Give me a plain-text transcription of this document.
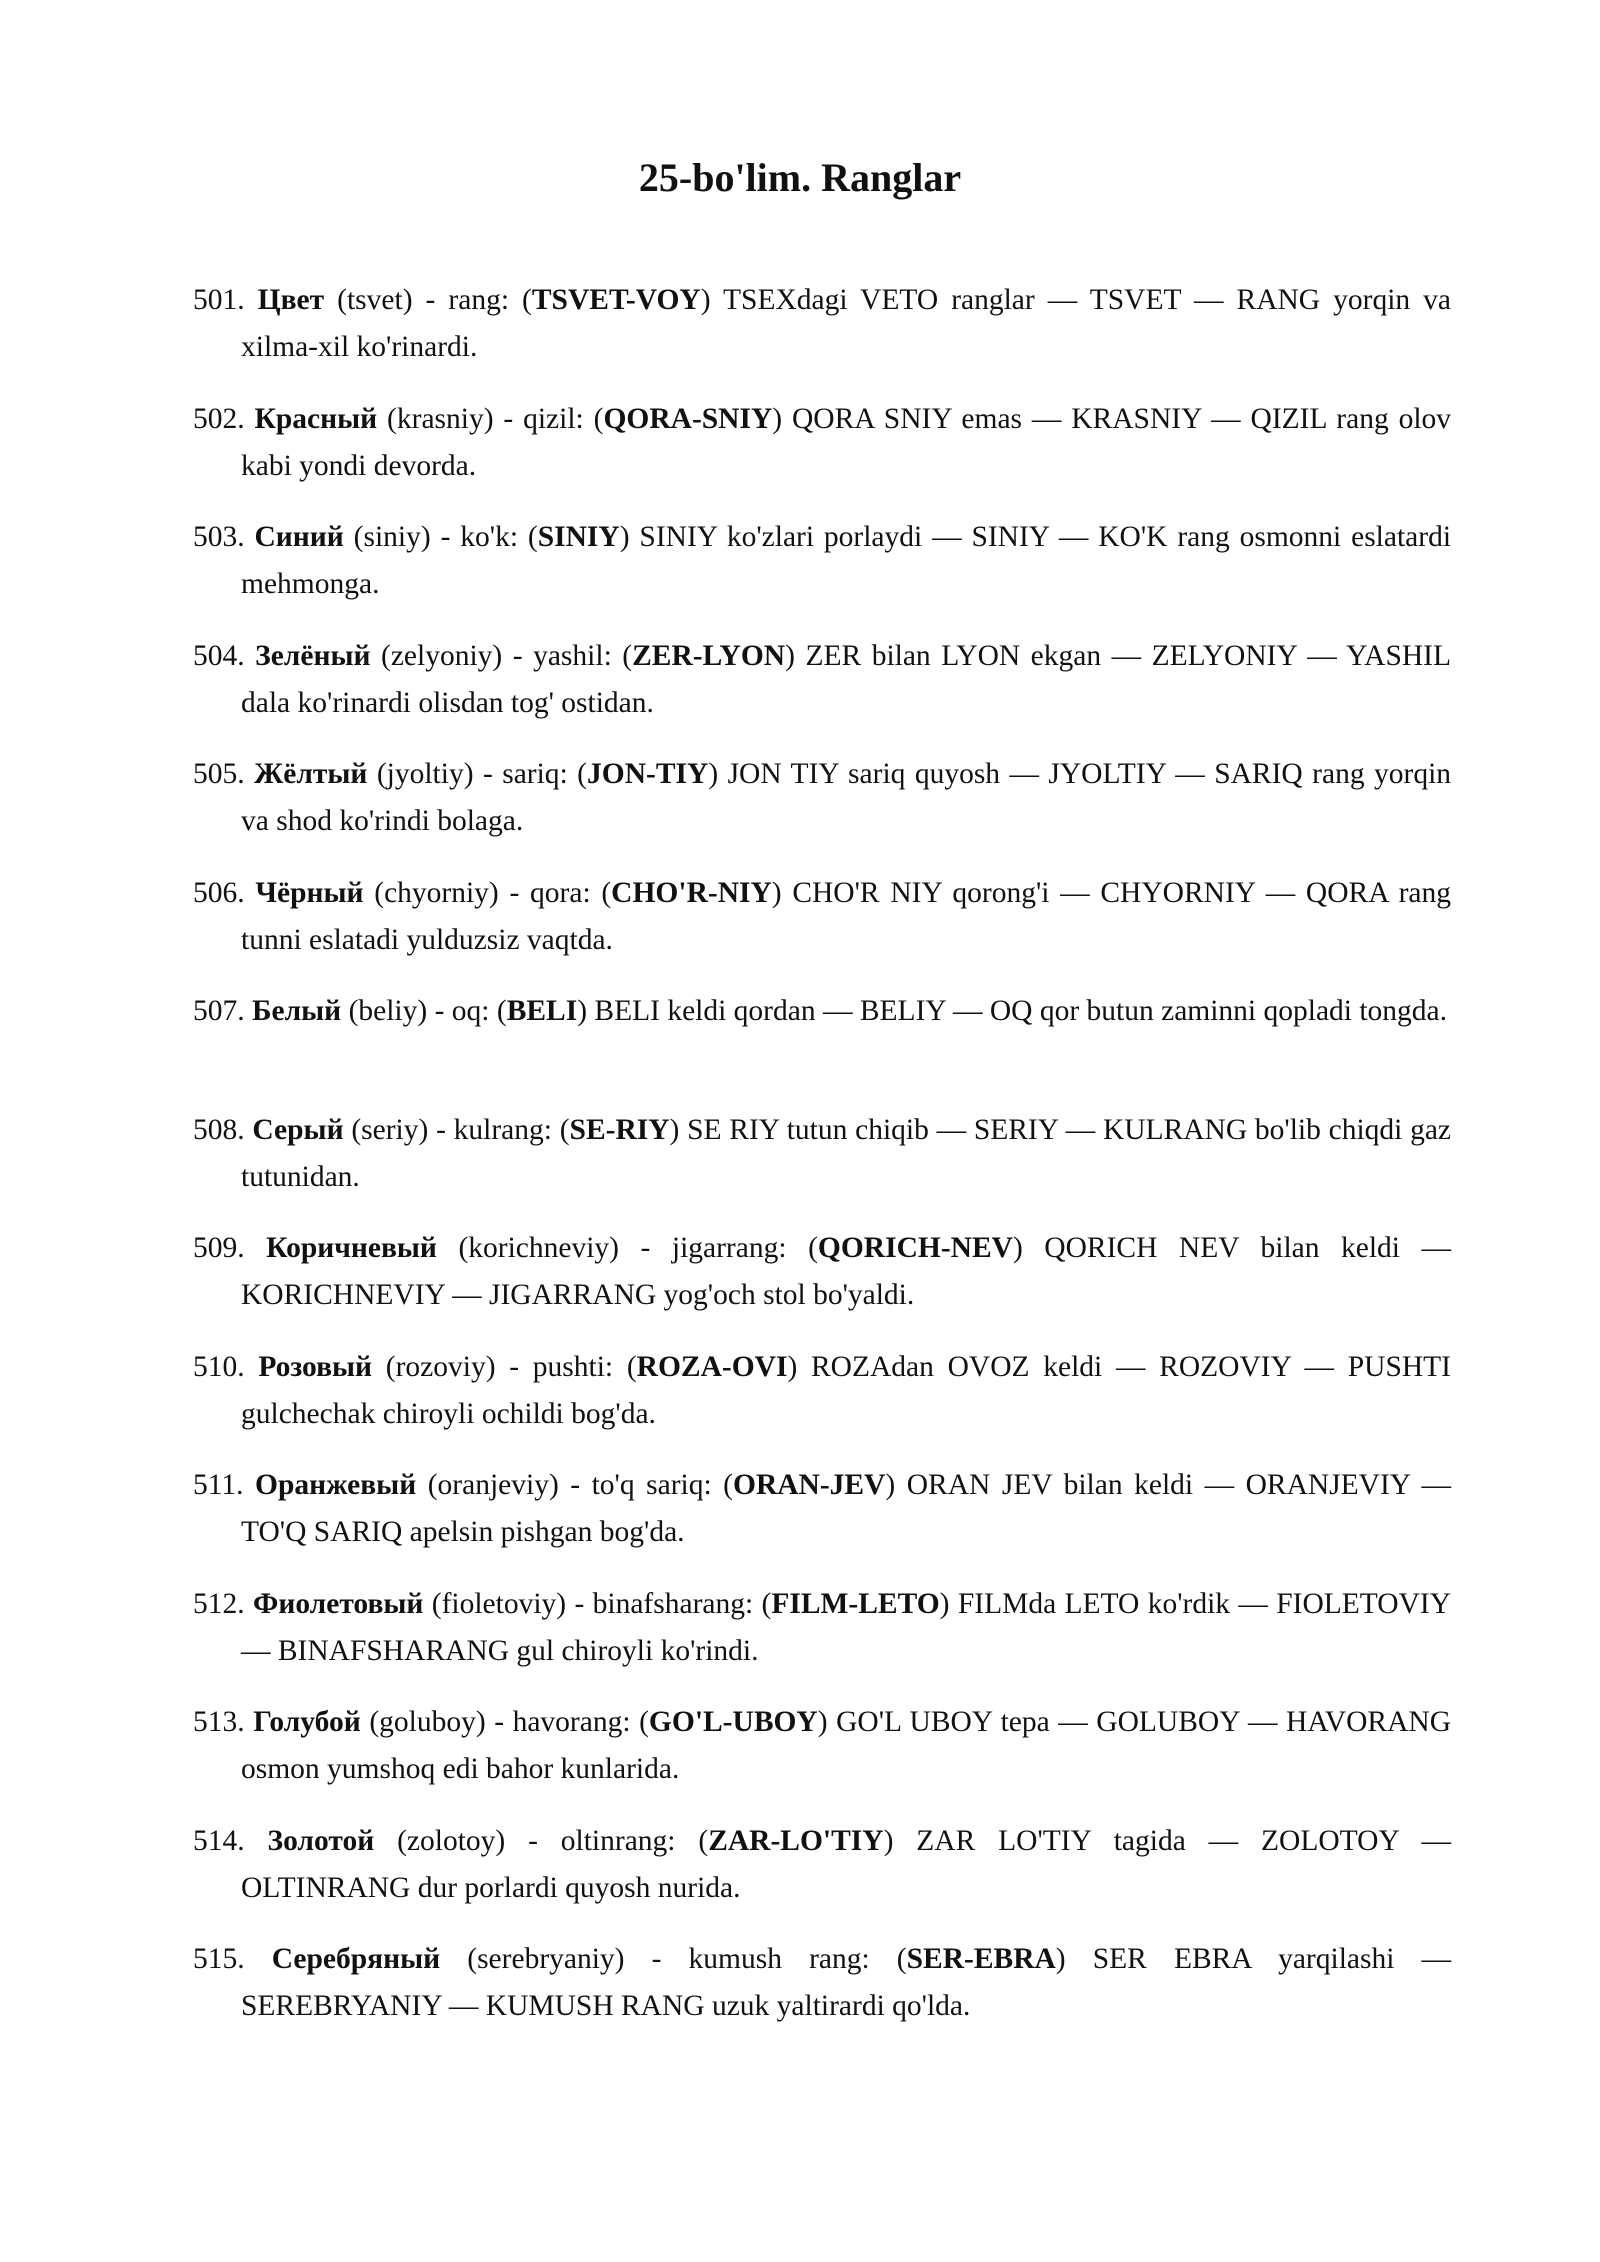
25-bo'lim. Ranglar
501. Цвет (tsvet) - rang: (TSVET-VOY) TSEXdagi VETO ranglar — TSVET — RANG yorqin va xilma-xil ko'rinardi.
502. Красный (krasniy) - qizil: (QORA-SNIY) QORA SNIY emas — KRASNIY — QIZIL rang olov kabi yondi devorda.
503. Синий (siniy) - ko'k: (SINIY) SINIY ko'zlari porlaydi — SINIY — KO'K rang osmonni eslatardi mehmonga.
504. Зелёный (zelyoniy) - yashil: (ZER-LYON) ZER bilan LYON ekgan — ZELYONIY — YASHIL dala ko'rinardi olisdan tog' ostidan.
505. Жёлтый (jyoltiy) - sariq: (JON-TIY) JON TIY sariq quyosh — JYOLTIY — SARIQ rang yorqin va shod ko'rindi bolaga.
506. Чёрный (chyorniy) - qora: (CHO'R-NIY) CHO'R NIY qorong'i — CHYORNIY — QORA rang tunni eslatadi yulduzsiz vaqtda.
507. Белый (beliy) - oq: (BELI) BELI keldi qordan — BELIY — OQ qor butun zaminni qopladi tongda.
508. Серый (seriy) - kulrang: (SE-RIY) SE RIY tutun chiqib — SERIY — KULRANG bo'lib chiqdi gaz tutunidan.
509. Коричневый (korichneviy) - jigarrang: (QORICH-NEV) QORICH NEV bilan keldi — KORICHNEVIY — JIGARRANG yog'och stol bo'yaldi.
510. Розовый (rozoviy) - pushti: (ROZA-OVI) ROZAdan OVOZ keldi — ROZOVIY — PUSHTI gulchechak chiroyli ochildi bog'da.
511. Оранжевый (oranjeviy) - to'q sariq: (ORAN-JEV) ORAN JEV bilan keldi — ORANJEVIY — TO'Q SARIQ apelsin pishgan bog'da.
512. Фиолетовый (fioletoviy) - binafsharang: (FILM-LETO) FILMda LETO ko'rdik — FIOLETOVIY — BINAFSHARANG gul chiroyli ko'rindi.
513. Голубой (goluboy) - havorang: (GO'L-UBOY) GO'L UBOY tepa — GOLUBOY — HAVORANG osmon yumshoq edi bahor kunlarida.
514. Золотой (zolotoy) - oltinrang: (ZAR-LO'TIY) ZAR LO'TIY tagida — ZOLOTOY — OLTINRANG dur porlardi quyosh nurida.
515. Серебряный (serebryaniy) - kumush rang: (SER-EBRA) SER EBRA yarqilashi — SEREBRYANIY — KUMUSH RANG uzuk yaltirardi qo'lda.
